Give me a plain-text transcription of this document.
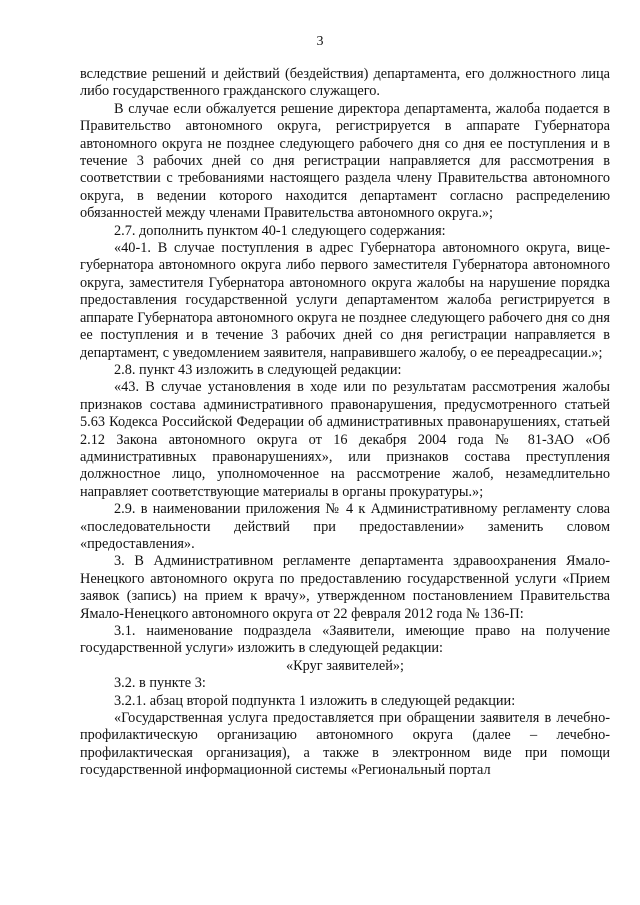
3

вследствие решений и действий (бездействия) департамента, его должностного лица либо государственного гражданского служащего.

В случае если обжалуется решение директора департамента, жалоба подается в Правительство автономного округа, регистрируется в аппарате Губернатора автономного округа не позднее следующего рабочего дня со дня ее поступления и в течение 3 рабочих дней со дня регистрации направляется для рассмотрения в соответствии с требованиями настоящего раздела члену Правительства автономного округа, в ведении которого находится департамент согласно распределению обязанностей между членами Правительства автономного округа.»;

2.7. дополнить пунктом 40-1 следующего содержания:

«40-1. В случае поступления в адрес Губернатора автономного округа, вице-губернатора автономного округа либо первого заместителя Губернатора автономного округа, заместителя Губернатора автономного округа жалобы на нарушение порядка предоставления государственной услуги департаментом жалоба регистрируется в аппарате Губернатора автономного округа не позднее следующего рабочего дня со дня ее поступления и в течение 3 рабочих дней со дня регистрации направляется в департамент, с уведомлением заявителя, направившего жалобу, о ее переадресации.»;

2.8. пункт 43 изложить в следующей редакции:

«43. В случае установления в ходе или по результатам рассмотрения жалобы признаков состава административного правонарушения, предусмотренного статьей 5.63 Кодекса Российской Федерации об административных правонарушениях, статьей 2.12 Закона автономного округа от 16 декабря 2004 года № 81-ЗАО «Об административных правонарушениях», или признаков состава преступления должностное лицо, уполномоченное на рассмотрение жалоб, незамедлительно направляет соответствующие материалы в органы прокуратуры.»;

2.9. в наименовании приложения № 4 к Административному регламенту слова «последовательности действий при предоставлении» заменить словом «предоставления».

3. В Административном регламенте департамента здравоохранения Ямало-Ненецкого автономного округа по предоставлению государственной услуги «Прием заявок (запись) на прием к врачу», утвержденном постановлением Правительства Ямало-Ненецкого автономного округа от 22 февраля 2012 года № 136-П:

3.1. наименование подраздела «Заявители, имеющие право на получение государственной услуги» изложить в следующей редакции:

«Круг заявителей»;

3.2. в пункте 3:

3.2.1. абзац второй подпункта 1 изложить в следующей редакции:

«Государственная услуга предоставляется при обращении заявителя в лечебно-профилактическую организацию автономного округа (далее – лечебно-профилактическая организация), а также в электронном виде при помощи государственной информационной системы «Региональный портал
